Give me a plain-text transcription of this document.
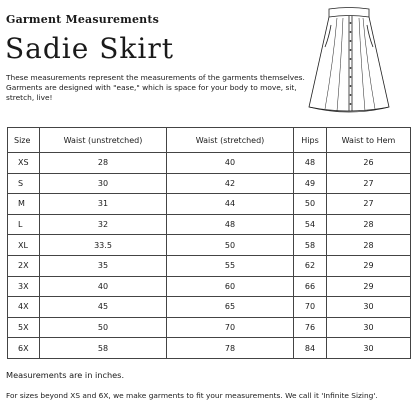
Garment Measurements
Sadie Skirt

These measurements represent the measurements of the garments themselves. Garments are designed with "ease," which is space for your body to move, sit, stretch, live!

Size	Waist (unstretched)	Waist (stretched)	Hips	Waist to Hem
XS	28	40	48	26
S	30	42	49	27
M	31	44	50	27
L	32	48	54	28
XL	33.5	50	58	28
2X	35	55	62	29
3X	40	60	66	29
4X	45	65	70	30
5X	50	70	76	30
6X	58	78	84	30
Measurements are in inches.
For sizes beyond XS and 6X, we make garments to fit your measurements. We call it 'Infinite Sizing'.
